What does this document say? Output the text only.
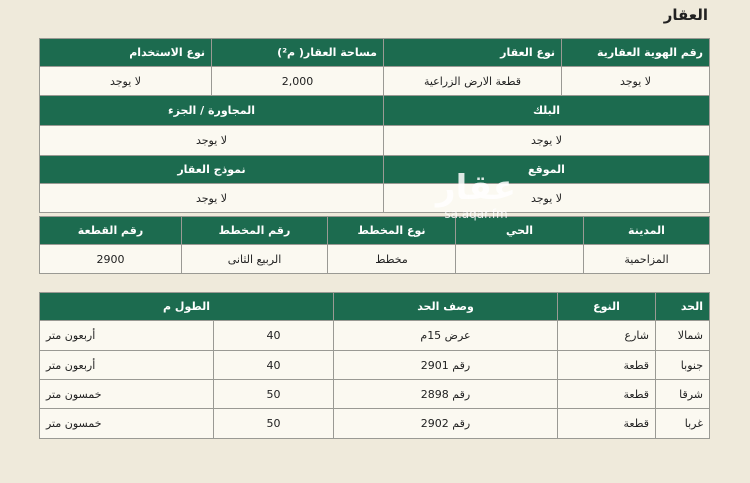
العقار
رقم الهوية العقارية	نوع العقار	مساحة العقار( م²)	نوع الاستخدام
لا يوجد	قطعة الارض الزراعية	2,000	لا يوجد
البلك		المجاورة / الجزء	
لا يوجد		لا يوجد	
الموقع		نموذج العقار	
لا يوجد		لا يوجد	
المدينة	الحي	نوع المخطط	رقم المخطط	رقم القطعة
المزاحمية		مخطط	الربيع الثانى	2900
الحد	النوع	وصف الحد	الطول م	
شمالا	شارع	عرض 15م	40	أربعون متر
جنوبا	قطعة	رقم 2901	40	أربعون متر
شرقا	قطعة	رقم 2898	50	خمسون متر
غربا	قطعة	رقم 2902	50	خمسون متر
عقار
sa.aqar.fm
